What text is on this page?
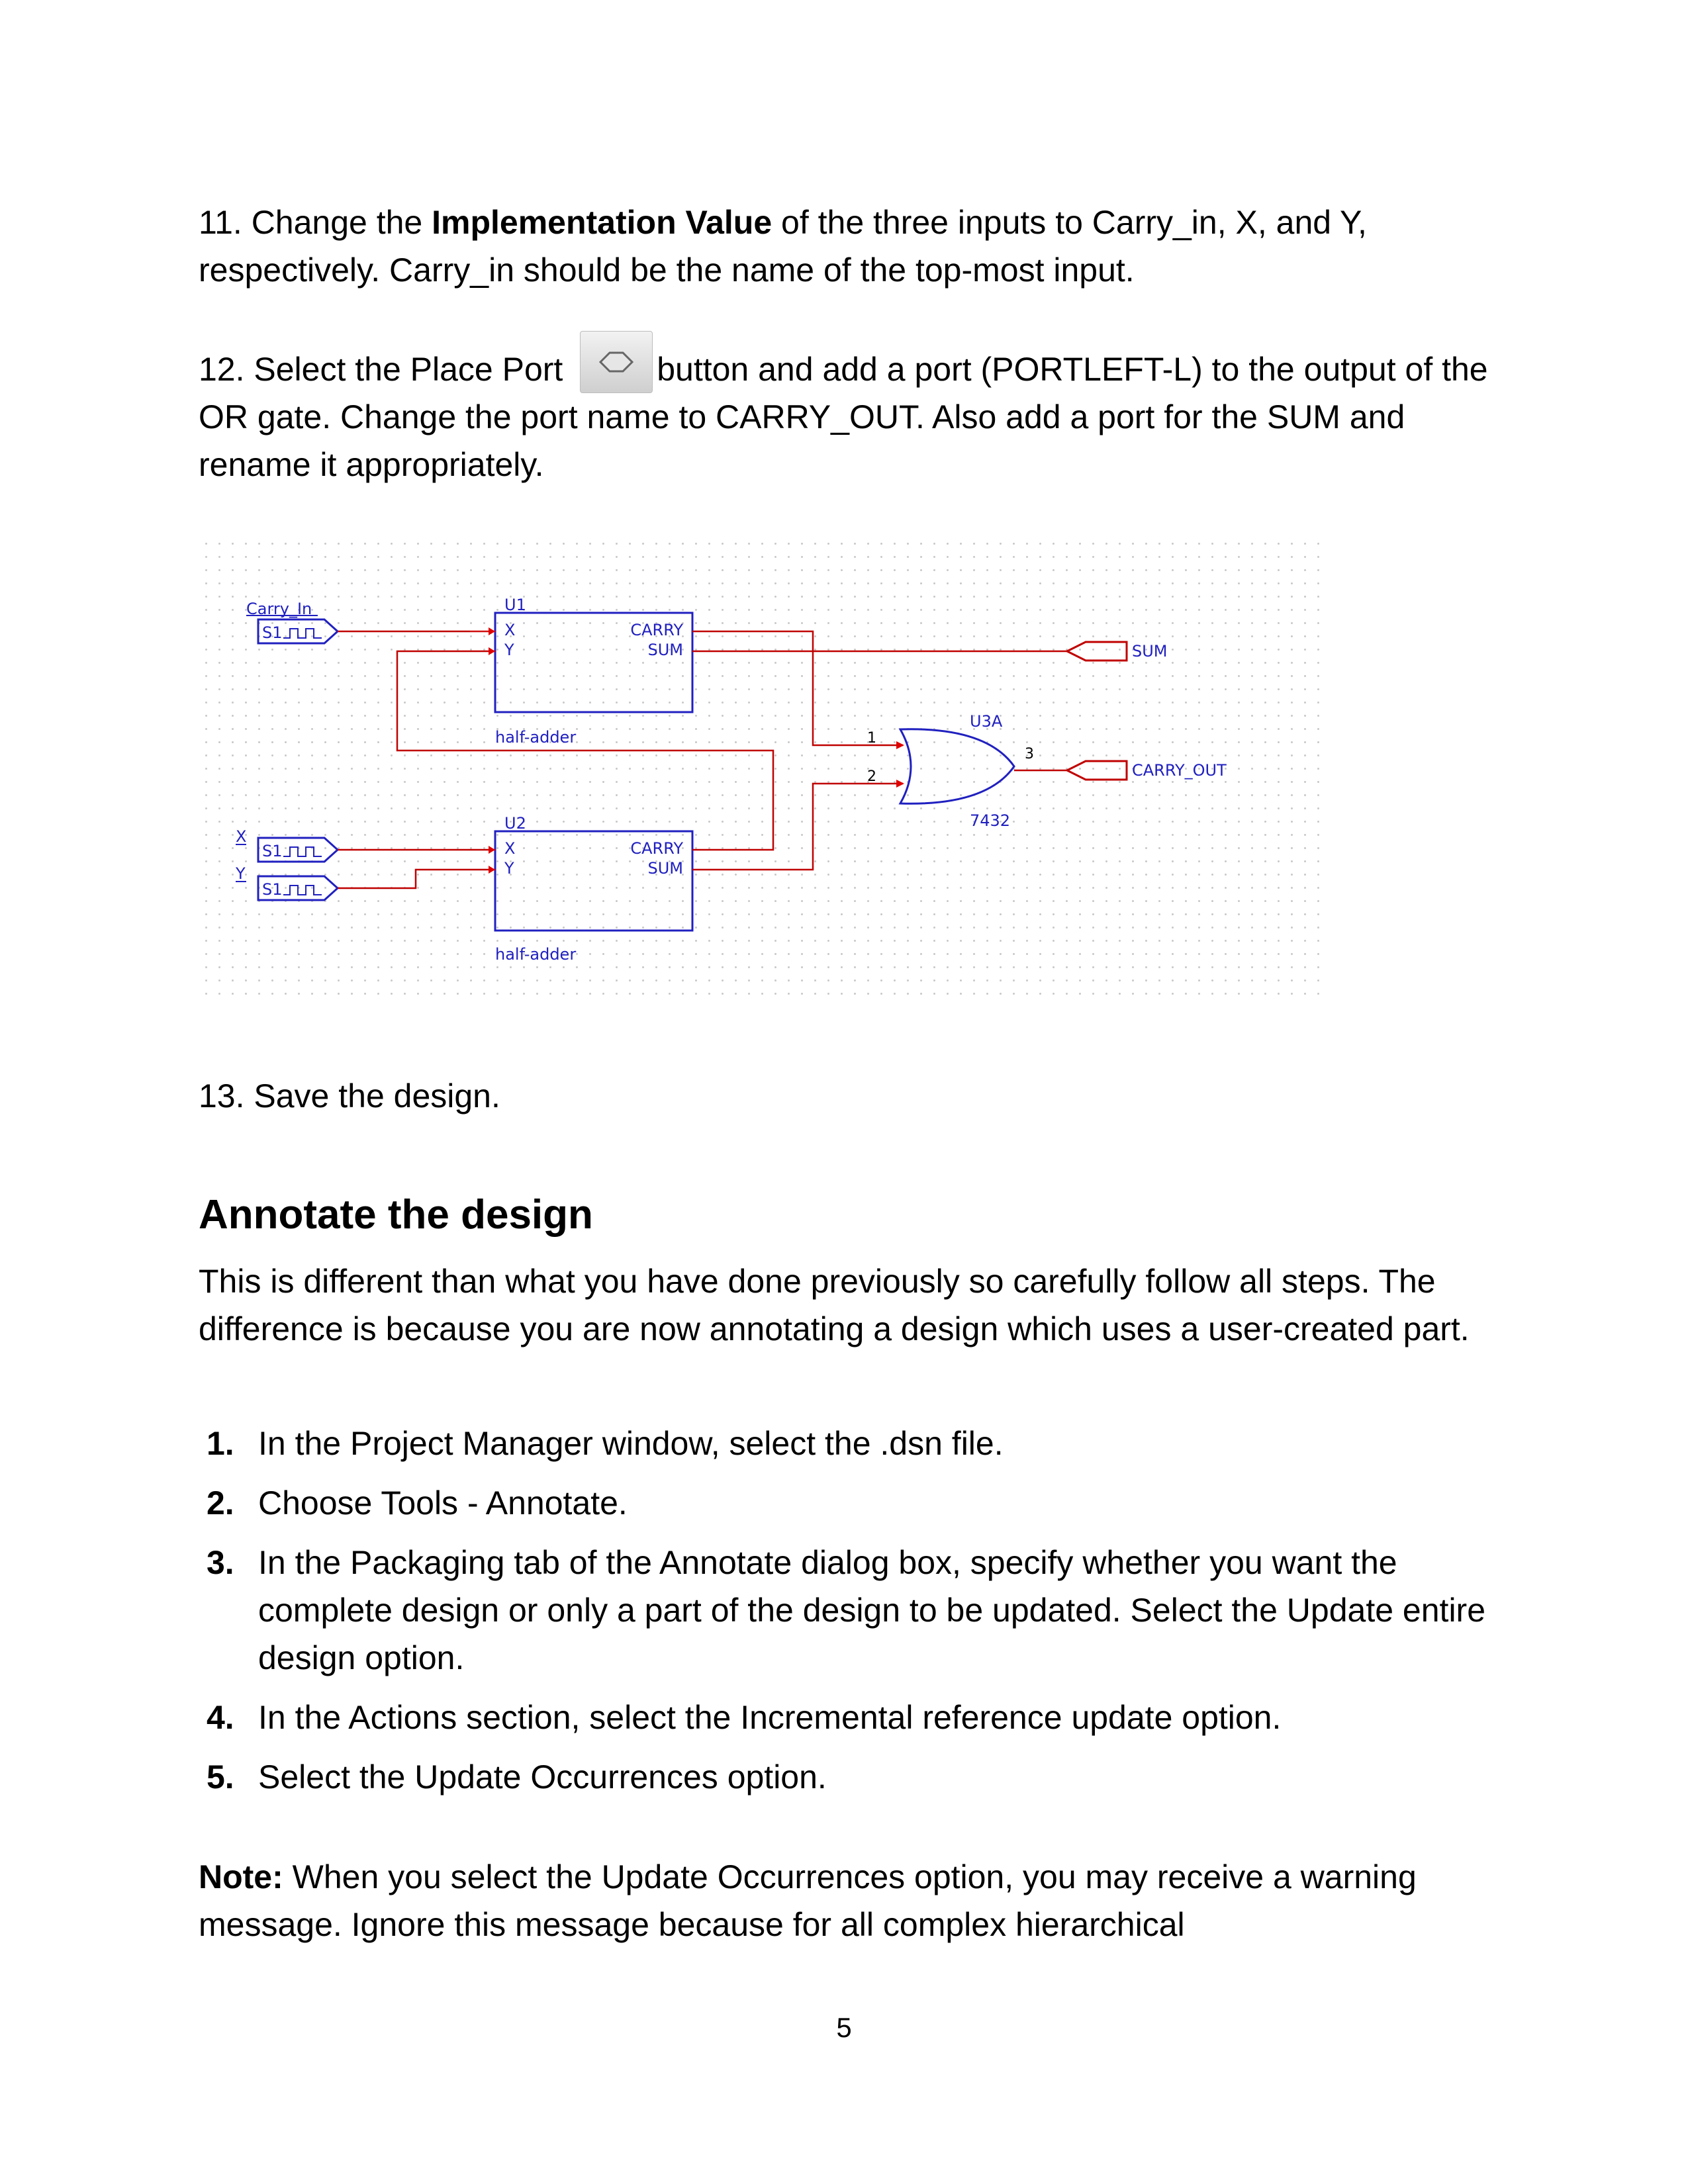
11. Change the Implementation Value of the three inputs to Carry_in, X, and Y, respectively. Carry_in should be the name of the top-most input.

12. Select the Place Port	button and add a port (PORTLEFT-L) to the output of the OR gate. Change the port name to CARRY_OUT. Also add a port for the SUM and rename it appropriately.

Carry_In
S1
X
S1
Y
S1
U1
X
Y
CARRY
SUM
half-adder
U2
X
Y
CARRY
SUM
half-adder
U3A
7432
1
2
3
SUM
CARRY_OUT

13. Save the design.

Annotate the design

This is different than what you have done previously so carefully follow all steps. The difference is because you are now annotating a design which uses a user-created part.

1. In the Project Manager window, select the .dsn file.
2. Choose Tools - Annotate.
3. In the Packaging tab of the Annotate dialog box, specify whether you want the complete design or only a part of the design to be updated. Select the Update entire design option.
4. In the Actions section, select the Incremental reference update option.
5. Select the Update Occurrences option.

Note: When you select the Update Occurrences option, you may receive a warning message. Ignore this message because for all complex hierarchical

5
